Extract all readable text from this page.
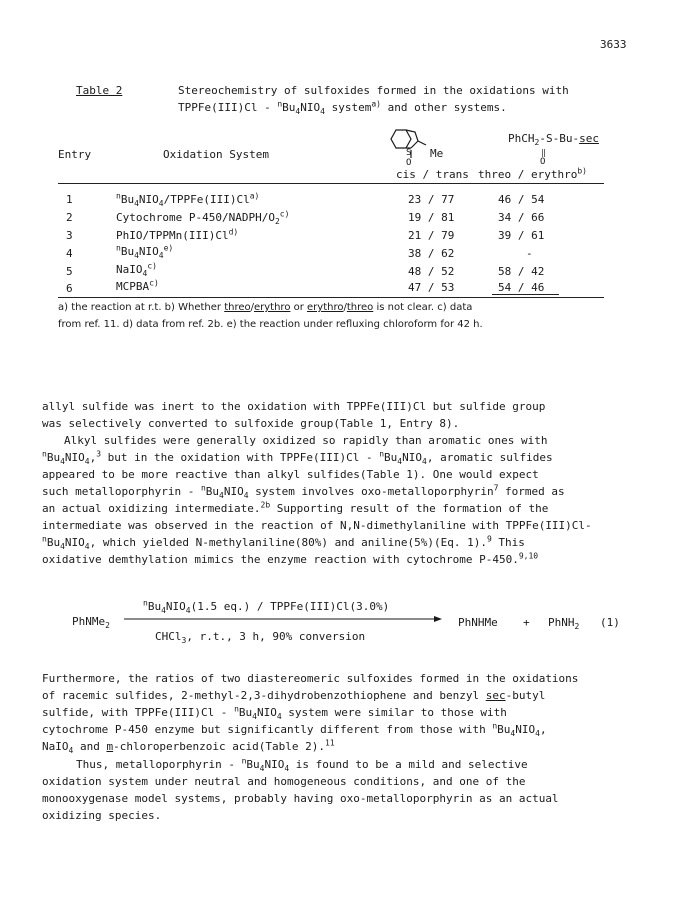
3633
Table 2	Stereochemistry of sulfoxides formed in the oxidations with
TPPFe(III)Cl - $^nBu_4NIO_4$ system$^{a)}$ and other systems.
Entry	Oxidation System	S Me
O
cis / trans
PhCH$_2$-S-Bu-sec
‖
O
threo / erythro$^{b)}$
1	$^nBu_4NIO_4/TPPFe(III)Cl^{a)}$	23 / 77	46 / 54
2	Cytochrome $P-450/NADPH/O_2^{c)}$	19 / 81	34 / 66
3	PhIO/TPPMn(III)Cl$^{d)}$	21 / 79	39 / 61
4	$^nBu_4NIO_4^{e)}$	38 / 62	-
5	NaIO$_4^{c)}$	48 / 52	58 / 42
6	MCPBA$^{c)}$	47 / 53	54 / 46
a) the reaction at r.t. b) Whether threo/erythro or erythro/threo is not clear. c) data
from ref. 11. d) data from ref. 2b. e) the reaction under refluxing chloroform for 42 h.
allyl sulfide was inert to the oxidation with TPPFe(III)Cl but sulfide group
was selectively converted to sulfoxide group(Table 1, Entry 8).
Alkyl sulfides were generally oxidized so rapidly than aromatic ones with
$^nBu_4NIO_4,^3$ but in the oxidation with TPPFe(III)Cl - $^nBu_4NIO_4$, aromatic sulfides
appeared to be more reactive than alkyl sulfides(Table 1). One would expect
such metalloporphyrin - $^nBu_4NIO_4$ system involves oxo-metalloporphyrin$^7$ formed as
an actual oxidizing intermediate.$^{2b}$ Supporting result of the formation of the
intermediate was observed in the reaction of N,N-dimethylaniline with TPPFe(III)Cl-
$^nBu_4NIO_4$, which yielded N-methylaniline(80%) and aniline(5%)(Eq. 1).$^9$ This
oxidative demthylation mimics the enzyme reaction with cytochrome P-450.$^{9,10}$
PhNMe$_2$
$^nBu_4NIO_4(1.5$ eq.) / TPPFe(III)Cl(3.0%)
CHCl$_3$, r.t., 3 h, 90% conversion
PhNHMe + PhNH$_2$ (1)
Furthermore, the ratios of two diastereomeric sulfoxides formed in the oxidations
of racemic sulfides, 2-methyl-2,3-dihydrobenzothiophene and benzyl sec-butyl
sulfide, with TPPFe(III)Cl - $^nBu_4NIO_4$ system were similar to those with
cytochrome P-450 enzyme but significantly different from those with $^nBu_4NIO_4$,
NaIO$_4$ and m-chloroperbenzoic acid(Table 2).$^{11}$
Thus, metalloporphyrin - $^nBu_4NIO_4$ is found to be a mild and selective
oxidation system under neutral and homogeneous conditions, and one of the
monooxygenase model systems, probably having oxo-metalloporphyrin as an actual
oxidizing species.
